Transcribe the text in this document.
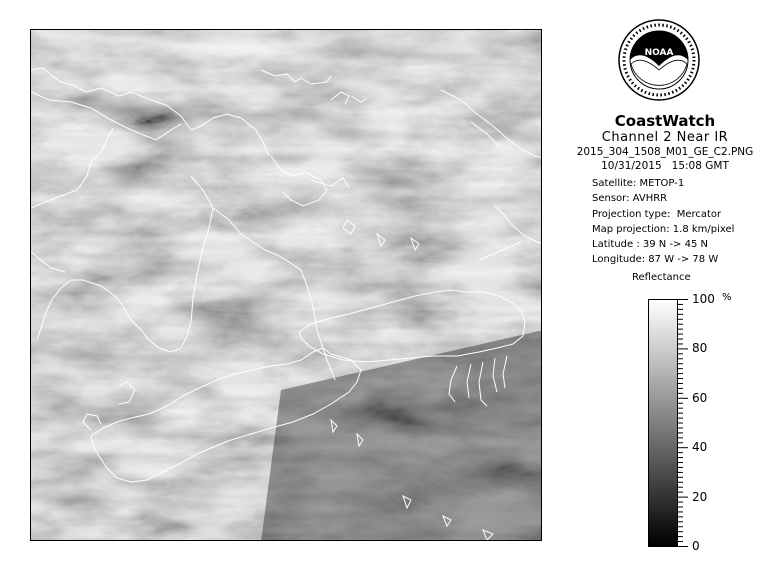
NOAA
CoastWatch
Channel 2 Near IR
2015_304_1508_M01_GE_C2.PNG
10/31/2015   15:08 GMT
Satellite: METOP-1
Sensor: AVHRR
Projection type:  Mercator
Map projection: 1.8 km/pixel
Latitude : 39 N -> 45 N
Longitude: 87 W -> 78 W
Reflectance
%
100
80
60
40
20
0
